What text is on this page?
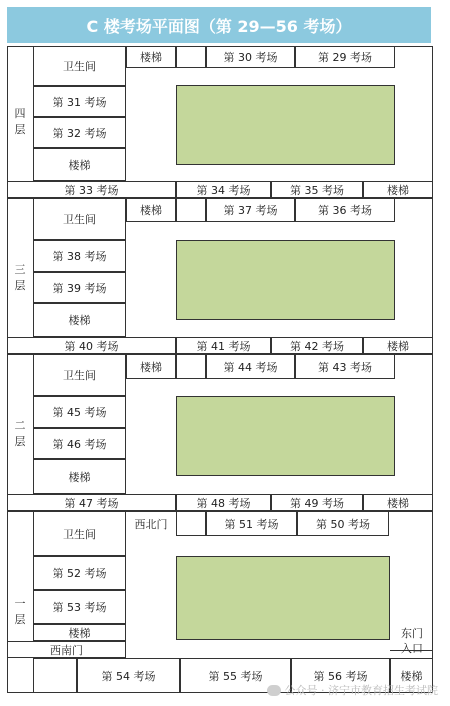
C 楼考场平面图（第 29—56 考场）
四
层
卫生间
第 31 考场
第 32 考场
楼梯
楼梯	第 30 考场	第 29 考场
第 33 考场	第 34 考场	第 35 考场	楼梯
三
层
卫生间
第 38 考场
第 39 考场
楼梯
楼梯	第 37 考场	第 36 考场
第 40 考场	第 41 考场	第 42 考场	楼梯
二
层
卫生间
第 45 考场
第 46 考场
楼梯
楼梯	第 44 考场	第 43 考场
第 47 考场	第 48 考场	第 49 考场	楼梯
一
层
卫生间
第 52 考场
第 53 考场
楼梯
西南门
西北门	第 51 考场	第 50 考场
东门
入口
第 54 考场	第 55 考场	第 56 考场	楼梯
公众号 · 济宁市教育招生考试院
